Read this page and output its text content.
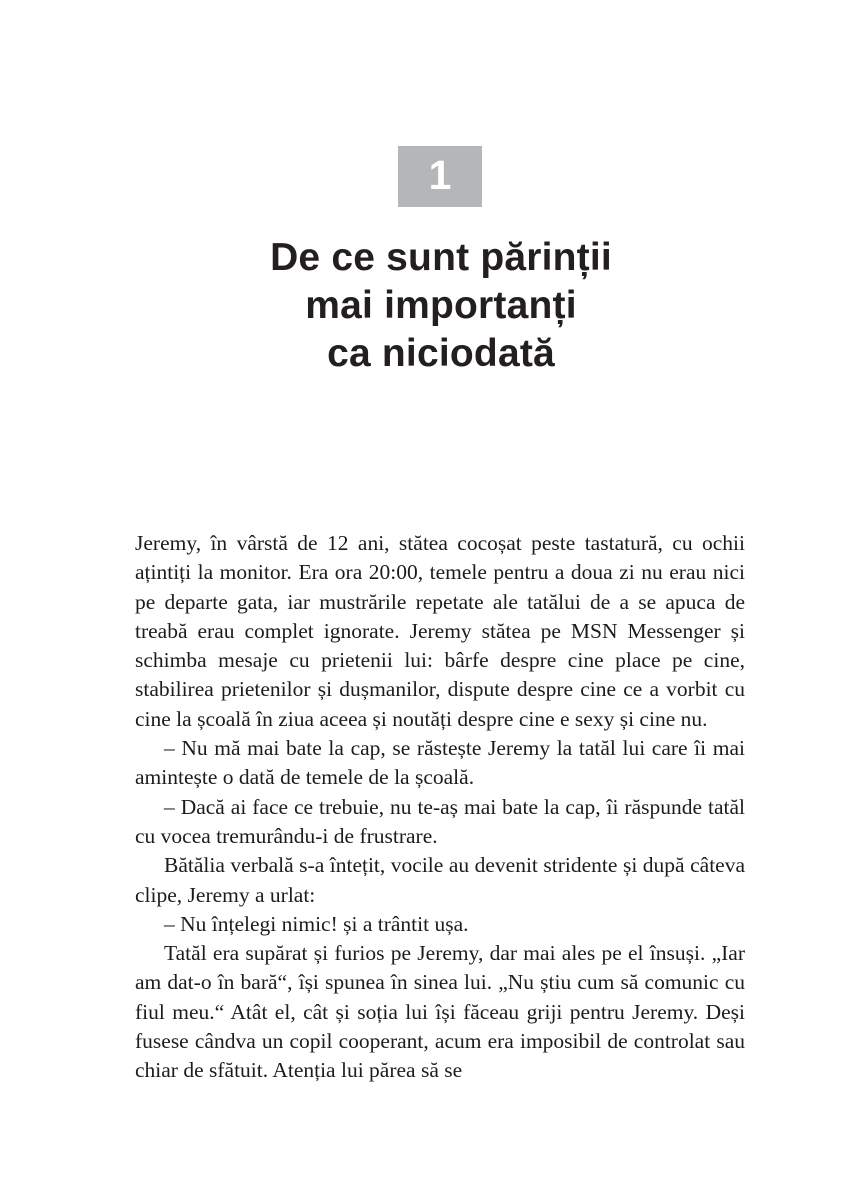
1
De ce sunt părinții
mai importanți
ca niciodată

Jeremy, în vârstă de 12 ani, stătea cocoșat peste tastatură, cu ochii ațintiți la monitor. Era ora 20:00, temele pentru a doua zi nu erau nici pe departe gata, iar mustrările repetate ale tatălui de a se apuca de treabă erau complet ignorate. Jeremy stătea pe MSN Messenger și schimba mesaje cu prietenii lui: bârfe despre cine place pe cine, stabilirea prietenilor și dușmanilor, dispute despre cine ce a vorbit cu cine la școală în ziua aceea și noutăți despre cine e sexy și cine nu.

– Nu mă mai bate la cap, se răstește Jeremy la tatăl lui care îi mai amintește o dată de temele de la școală.

– Dacă ai face ce trebuie, nu te-aș mai bate la cap, îi răspunde tatăl cu vocea tremurându-i de frustrare.

Bătălia verbală s-a întețit, vocile au devenit stridente și după câteva clipe, Jeremy a urlat:

– Nu înțelegi nimic! și a trântit ușa.

Tatăl era supărat și furios pe Jeremy, dar mai ales pe el însuși. „Iar am dat-o în bară“, își spunea în sinea lui. „Nu știu cum să comunic cu fiul meu.“ Atât el, cât și soția lui își făceau griji pentru Jeremy. Deși fusese cândva un copil cooperant, acum era imposibil de controlat sau chiar de sfătuit. Atenția lui părea să se
